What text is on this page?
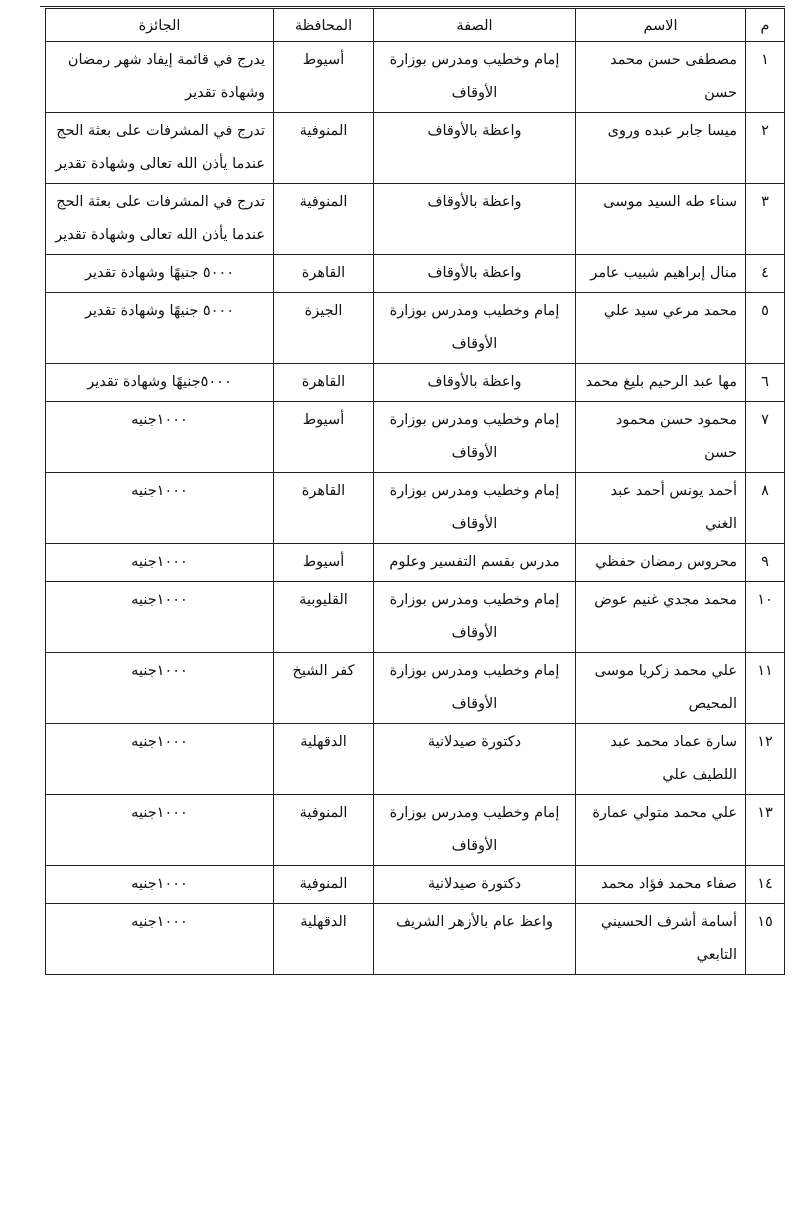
م	الاسم	الصفة	المحافظة	الجائزة
١	مصطفى حسن محمد حسن	إمام وخطيب ومدرس بوزارة الأوقاف	أسيوط	يدرج في قائمة إيفاد شهر رمضان وشهادة تقدير
٢	ميسا جابر عبده وروى	واعظة بالأوقاف	المنوفية	تدرج في المشرفات على بعثة الحج عندما يأذن الله تعالى وشهادة تقدير
٣	سناء طه السيد موسى	واعظة بالأوقاف	المنوفية	تدرج في المشرفات على بعثة الحج عندما يأذن الله تعالى وشهادة تقدير
٤	منال إبراهيم شبيب عامر	واعظة بالأوقاف	القاهرة	٥٠٠٠ جنيهًا وشهادة تقدير
٥	محمد مرعي سيد علي	إمام وخطيب ومدرس بوزارة الأوقاف	الجيزة	٥٠٠٠ جنيهًا وشهادة تقدير
٦	مها عبد الرحيم بليغ محمد	واعظة بالأوقاف	القاهرة	٥٠٠٠جنيهًا وشهادة تقدير
٧	محمود حسن محمود حسن	إمام وخطيب ومدرس بوزارة الأوقاف	أسيوط	١٠٠٠جنيه
٨	أحمد يونس أحمد عبد الغني	إمام وخطيب ومدرس بوزارة الأوقاف	القاهرة	١٠٠٠جنيه
٩	محروس رمضان حفظي	مدرس بقسم التفسير وعلوم	أسيوط	١٠٠٠جنيه
١٠	محمد مجدي غنيم عوض	إمام وخطيب ومدرس بوزارة الأوقاف	القليوبية	١٠٠٠جنيه
١١	علي محمد زكريا موسى المحيص	إمام وخطيب ومدرس بوزارة الأوقاف	كفر الشيخ	١٠٠٠جنيه
١٢	سارة عماد محمد عبد اللطيف علي	دكتورة صيدلانية	الدقهلية	١٠٠٠جنيه
١٣	علي محمد متولي عمارة	إمام وخطيب ومدرس بوزارة الأوقاف	المنوفية	١٠٠٠جنيه
١٤	صفاء محمد فؤاد محمد	دكتورة صيدلانية	المنوفية	١٠٠٠جنيه
١٥	أسامة أشرف الحسيني التابعي	واعظ عام بالأزهر الشريف	الدقهلية	١٠٠٠جنيه
